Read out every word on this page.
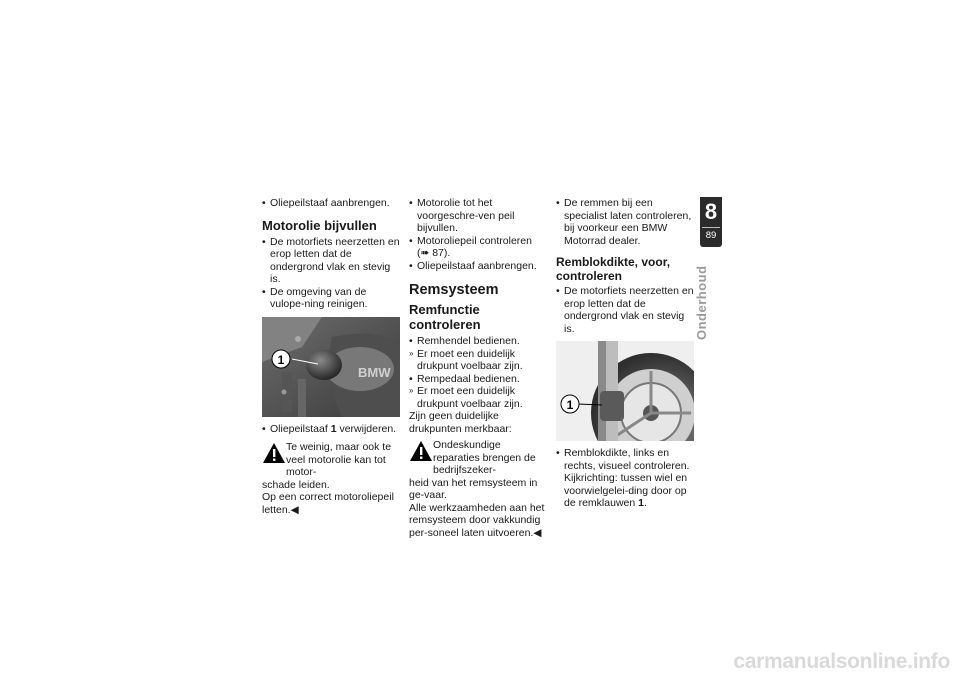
• Oliepeilstaaf aanbrengen.
Motorolie bijvullen
• De motorfiets neerzetten en erop letten dat de ondergrond vlak en stevig is.
• De omgeving van de vulope-ning reinigen.
BMW
1
• Oliepeilstaaf 1 verwijderen.
Te weinig, maar ook te veel motorolie kan tot motor-

schade leiden.

Op een correct motoroliepeil letten.◀

• Motorolie tot het voorgeschre-ven peil bijvullen.
• Motoroliepeil controleren (➠ 87).
• Oliepeilstaaf aanbrengen.
Remsysteem
Remfunctie controleren
• Remhendel bedienen.
» Er moet een duidelijk drukpunt voelbaar zijn.
• Rempedaal bedienen.
» Er moet een duidelijk drukpunt voelbaar zijn.

Zijn geen duidelijke drukpunten merkbaar:

Ondeskundige reparaties brengen de bedrijfszeker-

heid van het remsysteem in ge-vaar.

Alle werkzaamheden aan het remsysteem door vakkundig per-soneel laten uitvoeren.◀

• De remmen bij een specialist laten controleren, bij voorkeur een BMW Motorrad dealer.
Remblokdikte, voor, controleren
• De motorfiets neerzetten en erop letten dat de ondergrond vlak en stevig is.
1
• Remblokdikte, links en rechts, visueel controleren. Kijkrichting: tussen wiel en voorwielgelei-ding door op de remklauwen 1.
8
89
Onderhoud
carmanualsonline.info
